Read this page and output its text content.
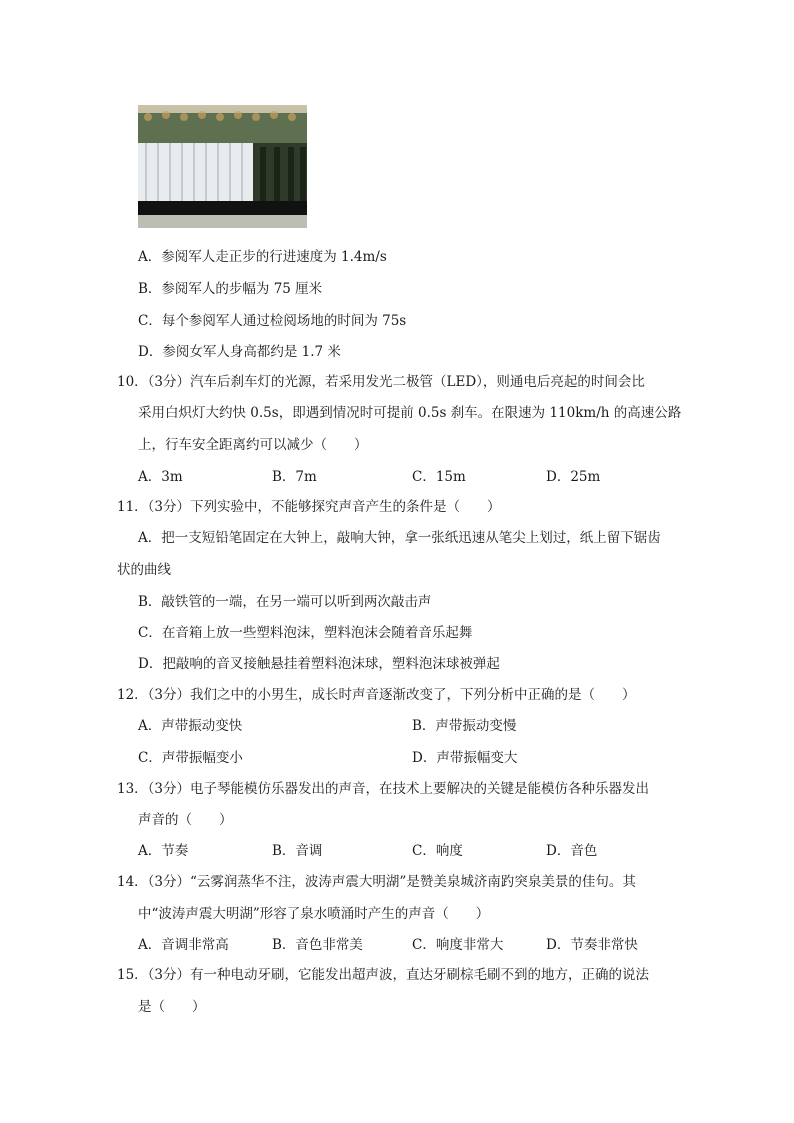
A．参阅军人走正步的行进速度为 1.4m/s
B．参阅军人的步幅为 75 厘米
C．每个参阅军人通过检阅场地的时间为 75s
D．参阅女军人身高都约是 1.7 米
10．（3分）汽车后刹车灯的光源，若采用发光二极管（LED），则通电后亮起的时间会比
采用白炽灯大约快 0.5s，即遇到情况时可提前 0.5s 刹车。在限速为 110km/h 的高速公路
上，行车安全距离约可以减少（　　）
A．3m	B．7m	C．15m	D．25m
11．（3分）下列实验中，不能够探究声音产生的条件是（　　）
A．把一支短铅笔固定在大钟上，敲响大钟，拿一张纸迅速从笔尖上划过，纸上留下锯齿
状的曲线
B．敲铁管的一端，在另一端可以听到两次敲击声
C．在音箱上放一些塑料泡沫，塑料泡沫会随着音乐起舞
D．把敲响的音叉接触悬挂着塑料泡沫球，塑料泡沫球被弹起
12．（3分）我们之中的小男生，成长时声音逐渐改变了，下列分析中正确的是（　　）
A．声带振动变快	B．声带振动变慢
C．声带振幅变小	D．声带振幅变大
13．（3分）电子琴能模仿乐器发出的声音，在技术上要解决的关键是能模仿各种乐器发出
声音的（　　）
A．节奏	B．音调	C．响度	D．音色
14．（3分）“云雾润蒸华不注，波涛声震大明湖”是赞美泉城济南趵突泉美景的佳句。其
中“波涛声震大明湖”形容了泉水喷涌时产生的声音（　　）
A．音调非常高	B．音色非常美	C．响度非常大	D．节奏非常快
15．（3分）有一种电动牙刷，它能发出超声波，直达牙刷棕毛刷不到的地方，正确的说法
是（　　）
